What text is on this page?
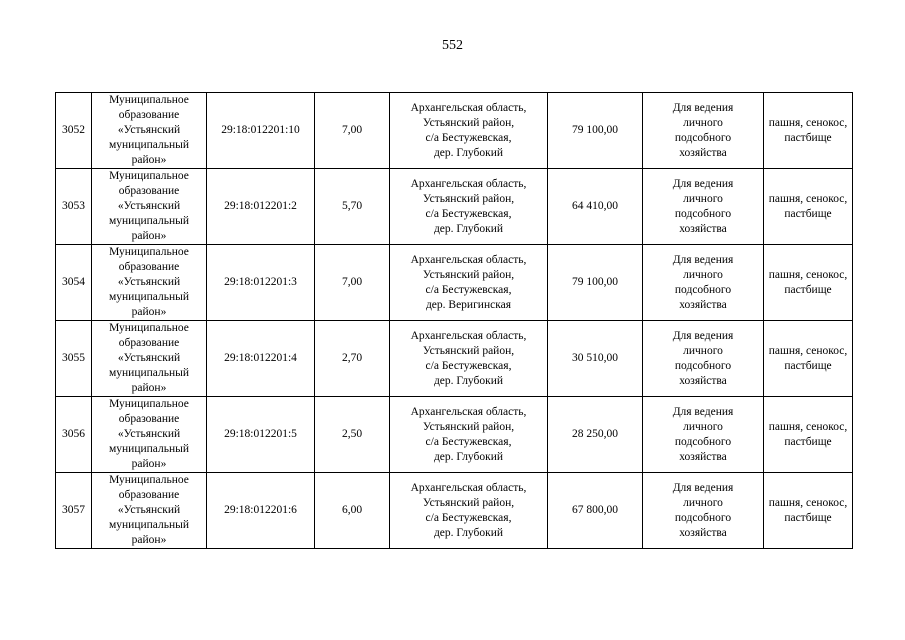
552
3052	Муниципальное
образование
«Устьянский
муниципальный
район»	29:18:012201:10	7,00	Архангельская область,
Устьянский район,
с/а Бестужевская,
дер. Глубокий	79 100,00	Для ведения
личного
подсобного
хозяйства	пашня, сенокос,
пастбище
3053	Муниципальное
образование
«Устьянский
муниципальный
район»	29:18:012201:2	5,70	Архангельская область,
Устьянский район,
с/а Бестужевская,
дер. Глубокий	64 410,00	Для ведения
личного
подсобного
хозяйства	пашня, сенокос,
пастбище
3054	Муниципальное
образование
«Устьянский
муниципальный
район»	29:18:012201:3	7,00	Архангельская область,
Устьянский район,
с/а Бестужевская,
дер. Веригинская	79 100,00	Для ведения
личного
подсобного
хозяйства	пашня, сенокос,
пастбище
3055	Муниципальное
образование
«Устьянский
муниципальный
район»	29:18:012201:4	2,70	Архангельская область,
Устьянский район,
с/а Бестужевская,
дер. Глубокий	30 510,00	Для ведения
личного
подсобного
хозяйства	пашня, сенокос,
пастбище
3056	Муниципальное
образование
«Устьянский
муниципальный
район»	29:18:012201:5	2,50	Архангельская область,
Устьянский район,
с/а Бестужевская,
дер. Глубокий	28 250,00	Для ведения
личного
подсобного
хозяйства	пашня, сенокос,
пастбище
3057	Муниципальное
образование
«Устьянский
муниципальный
район»	29:18:012201:6	6,00	Архангельская область,
Устьянский район,
с/а Бестужевская,
дер. Глубокий	67 800,00	Для ведения
личного
подсобного
хозяйства	пашня, сенокос,
пастбище
